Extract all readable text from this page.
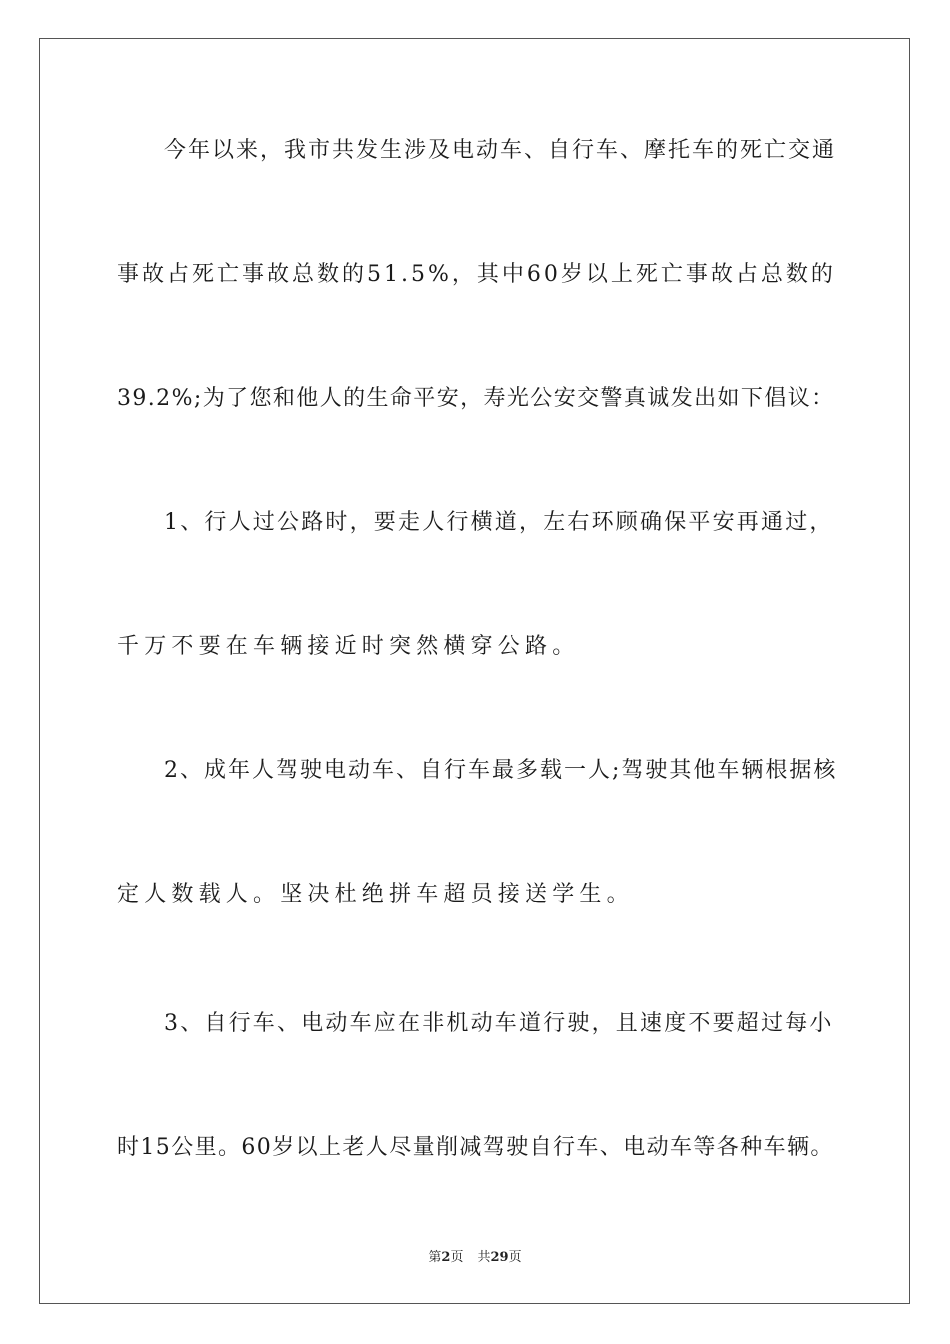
今年以来，我市共发生涉及电动车、自行车、摩托车的死亡交通
事故占死亡事故总数的51.5%，其中60岁以上死亡事故占总数的
39.2%;为了您和他人的生命平安，寿光公安交警真诚发出如下倡议：
1、行人过公路时，要走人行横道，左右环顾确保平安再通过，
千万不要在车辆接近时突然横穿公路。
2、成年人驾驶电动车、自行车最多载一人;驾驶其他车辆根据核
定人数载人。坚决杜绝拼车超员接送学生。
3、自行车、电动车应在非机动车道行驶，且速度不要超过每小
时15公里。60岁以上老人尽量削减驾驶自行车、电动车等各种车辆。
第2页 共29页
